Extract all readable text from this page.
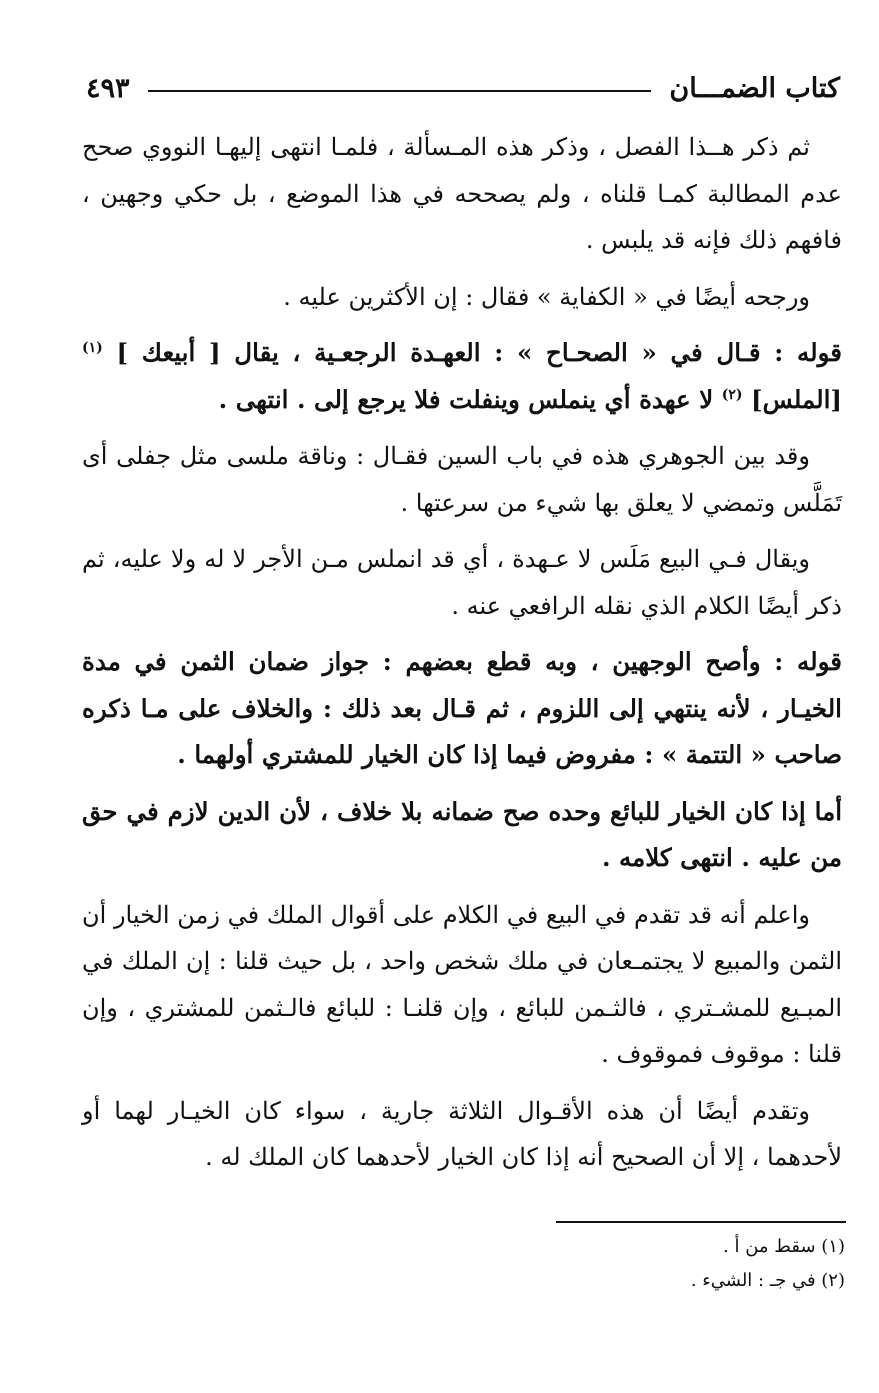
كتاب الضمـــان
٤٩٣

ثم ذكر هــذا الفصل ، وذكر هذه المـسألة ، فلمـا انتهى إليهـا النووي صحح عدم المطالبة كمـا قلناه ، ولم يصححه في هذا الموضع ، بل حكي وجهين ، فافهم ذلك فإنه قد يلبس .

ورجحه أيضًا في « الكفاية » فقال : إن الأكثرين عليه .

قوله : قـال في « الصحـاح » : العهـدة الرجعـية ، يقال [ أبيعك ] $^{(١)}$ [الملس] $^{(٢)}$ لا عهدة أي ينملس وينفلت فلا يرجع إلى . انتهى .

وقد بين الجوهري هذه في باب السين فقـال : وناقة ملسى مثل جفلى أى تَمَلَّس وتمضي لا يعلق بها شيء من سرعتها .

ويقال فـي البيع مَلَس لا عـهدة ، أي قد انملس مـن الأجر لا له ولا عليه، ثم ذكر أيضًا الكلام الذي نقله الرافعي عنه .

قوله : وأصح الوجهين ، وبه قطع بعضهم : جواز ضمان الثمن في مدة الخيـار ، لأنه ينتهي إلى اللزوم ، ثم قـال بعد ذلك : والخلاف على مـا ذكره صاحب « التتمة » : مفروض فيما إذا كان الخيار للمشتري أولهما .

أما إذا كان الخيار للبائع وحده صح ضمانه بلا خلاف ، لأن الدين لازم في حق من عليه . انتهى كلامه .

واعلم أنه قد تقدم في البيع في الكلام على أقوال الملك في زمن الخيار أن الثمن والمبيع لا يجتمـعان في ملك شخص واحد ، بل حيث قلنا : إن الملك في المبـيع للمشـتري ، فالثـمن للبائع ، وإن قلنـا : للبائع فالـثمن للمشتري ، وإن قلنا : موقوف فموقوف .

وتقدم أيضًا أن هذه الأقـوال الثلاثة جارية ، سواء كان الخيـار لهما أو لأحدهما ، إلا أن الصحيح أنه إذا كان الخيار لأحدهما كان الملك له .

(١) سقط من أ .

(٢) في جـ : الشيء .
